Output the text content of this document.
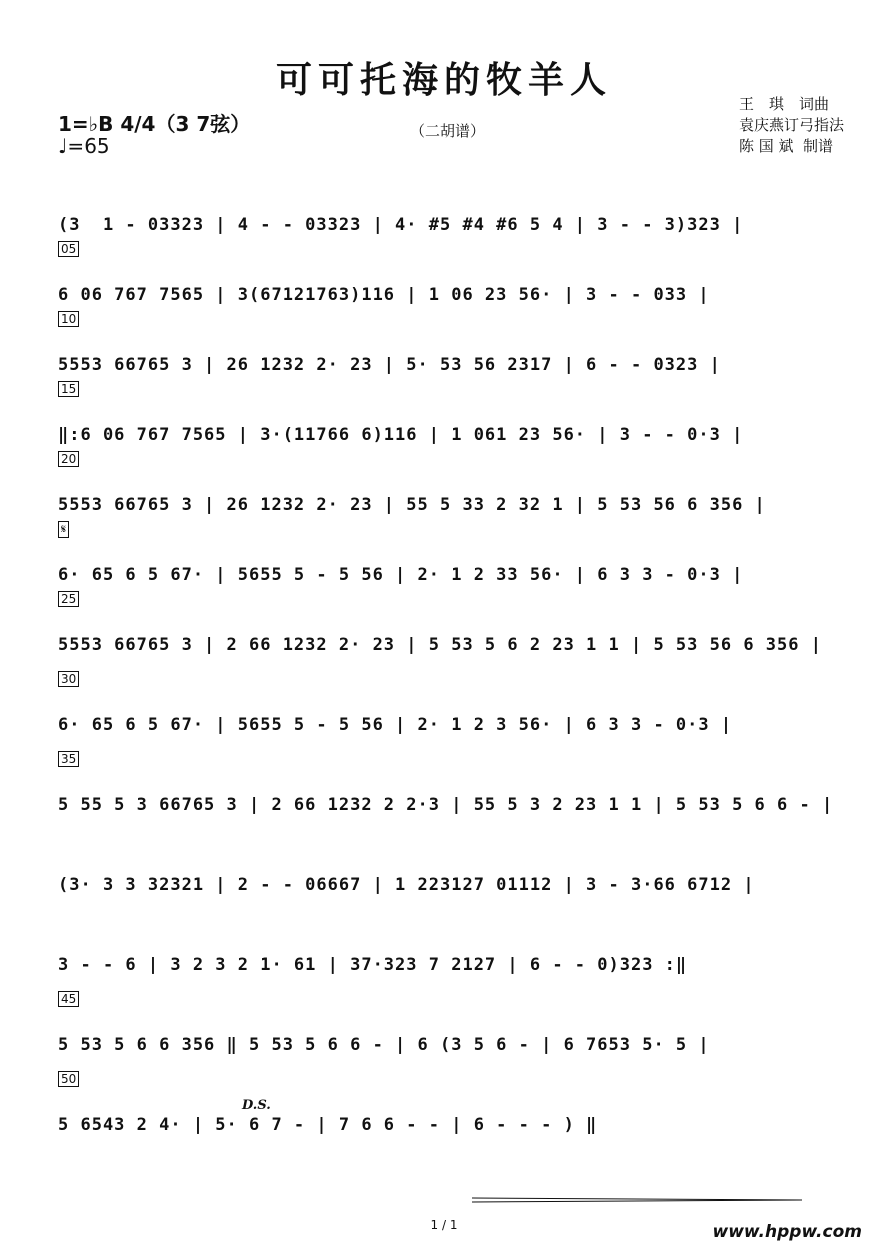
可可托海的牧羊人
1=♭B 4/4（3 7弦）
♩=65
（二胡谱）
王　琪　词曲
袁庆燕订弓指法
陈 国 斌  制谱
(3  1 - 03323 | 4 - - 03323 | 4· #5 #4 #6 5 4 | 3 - - 3)323 |
05
6 06 767 7565 | 3(67121763)116 | 1 06 23 56· | 3 - - 033 |
10
5553 66765 3 | 26 1232 2· 23 | 5· 53 56 2317 | 6 - - 0323 |
15
‖:6 06 767 7565 | 3·(11766 6)116 | 1 061 23 56· | 3 - - 0·3 |
20
5553 66765 3 | 26 1232 2· 23 | 55 5 33 2 32 1 | 5 53 56 6 356 |
𝄋
6· 65 6 5 67· | 5655 5 - 5 56 | 2· 1 2 33 56· | 6 3 3 - 0·3 |
25
5553 66765 3 | 2 66 1232 2· 23 | 5 53 5 6 2 23 1 1 | 5 53 56 6 356 |
30
6· 65 6 5 67· | 5655 5 - 5 56 | 2· 1 2 3 56· | 6 3 3 - 0·3 |
35
5 55 5 3 66765 3 | 2 66 1232 2 2·3 | 55 5 3 2 23 1 1 | 5 53 5 6 6 - |
(3· 3 3 32321 | 2 - - 06667 | 1 223127 01112 | 3 - 3·66 6712 |
3 - - 6 | 3 2 3 2 1· 61 | 37·323 7 2127 | 6 - - 0)323 :‖
45
5 53 5 6 6 356 ‖ 5 53 5 6 6 - | 6 (3 5 6 - | 6 7653 5· 5 |
50
5 6543 2 4· | 5· 6 7 - | 7 6 6 - - | 6 - - - ) ‖
D.S.
1 / 1	www.hppw.com
